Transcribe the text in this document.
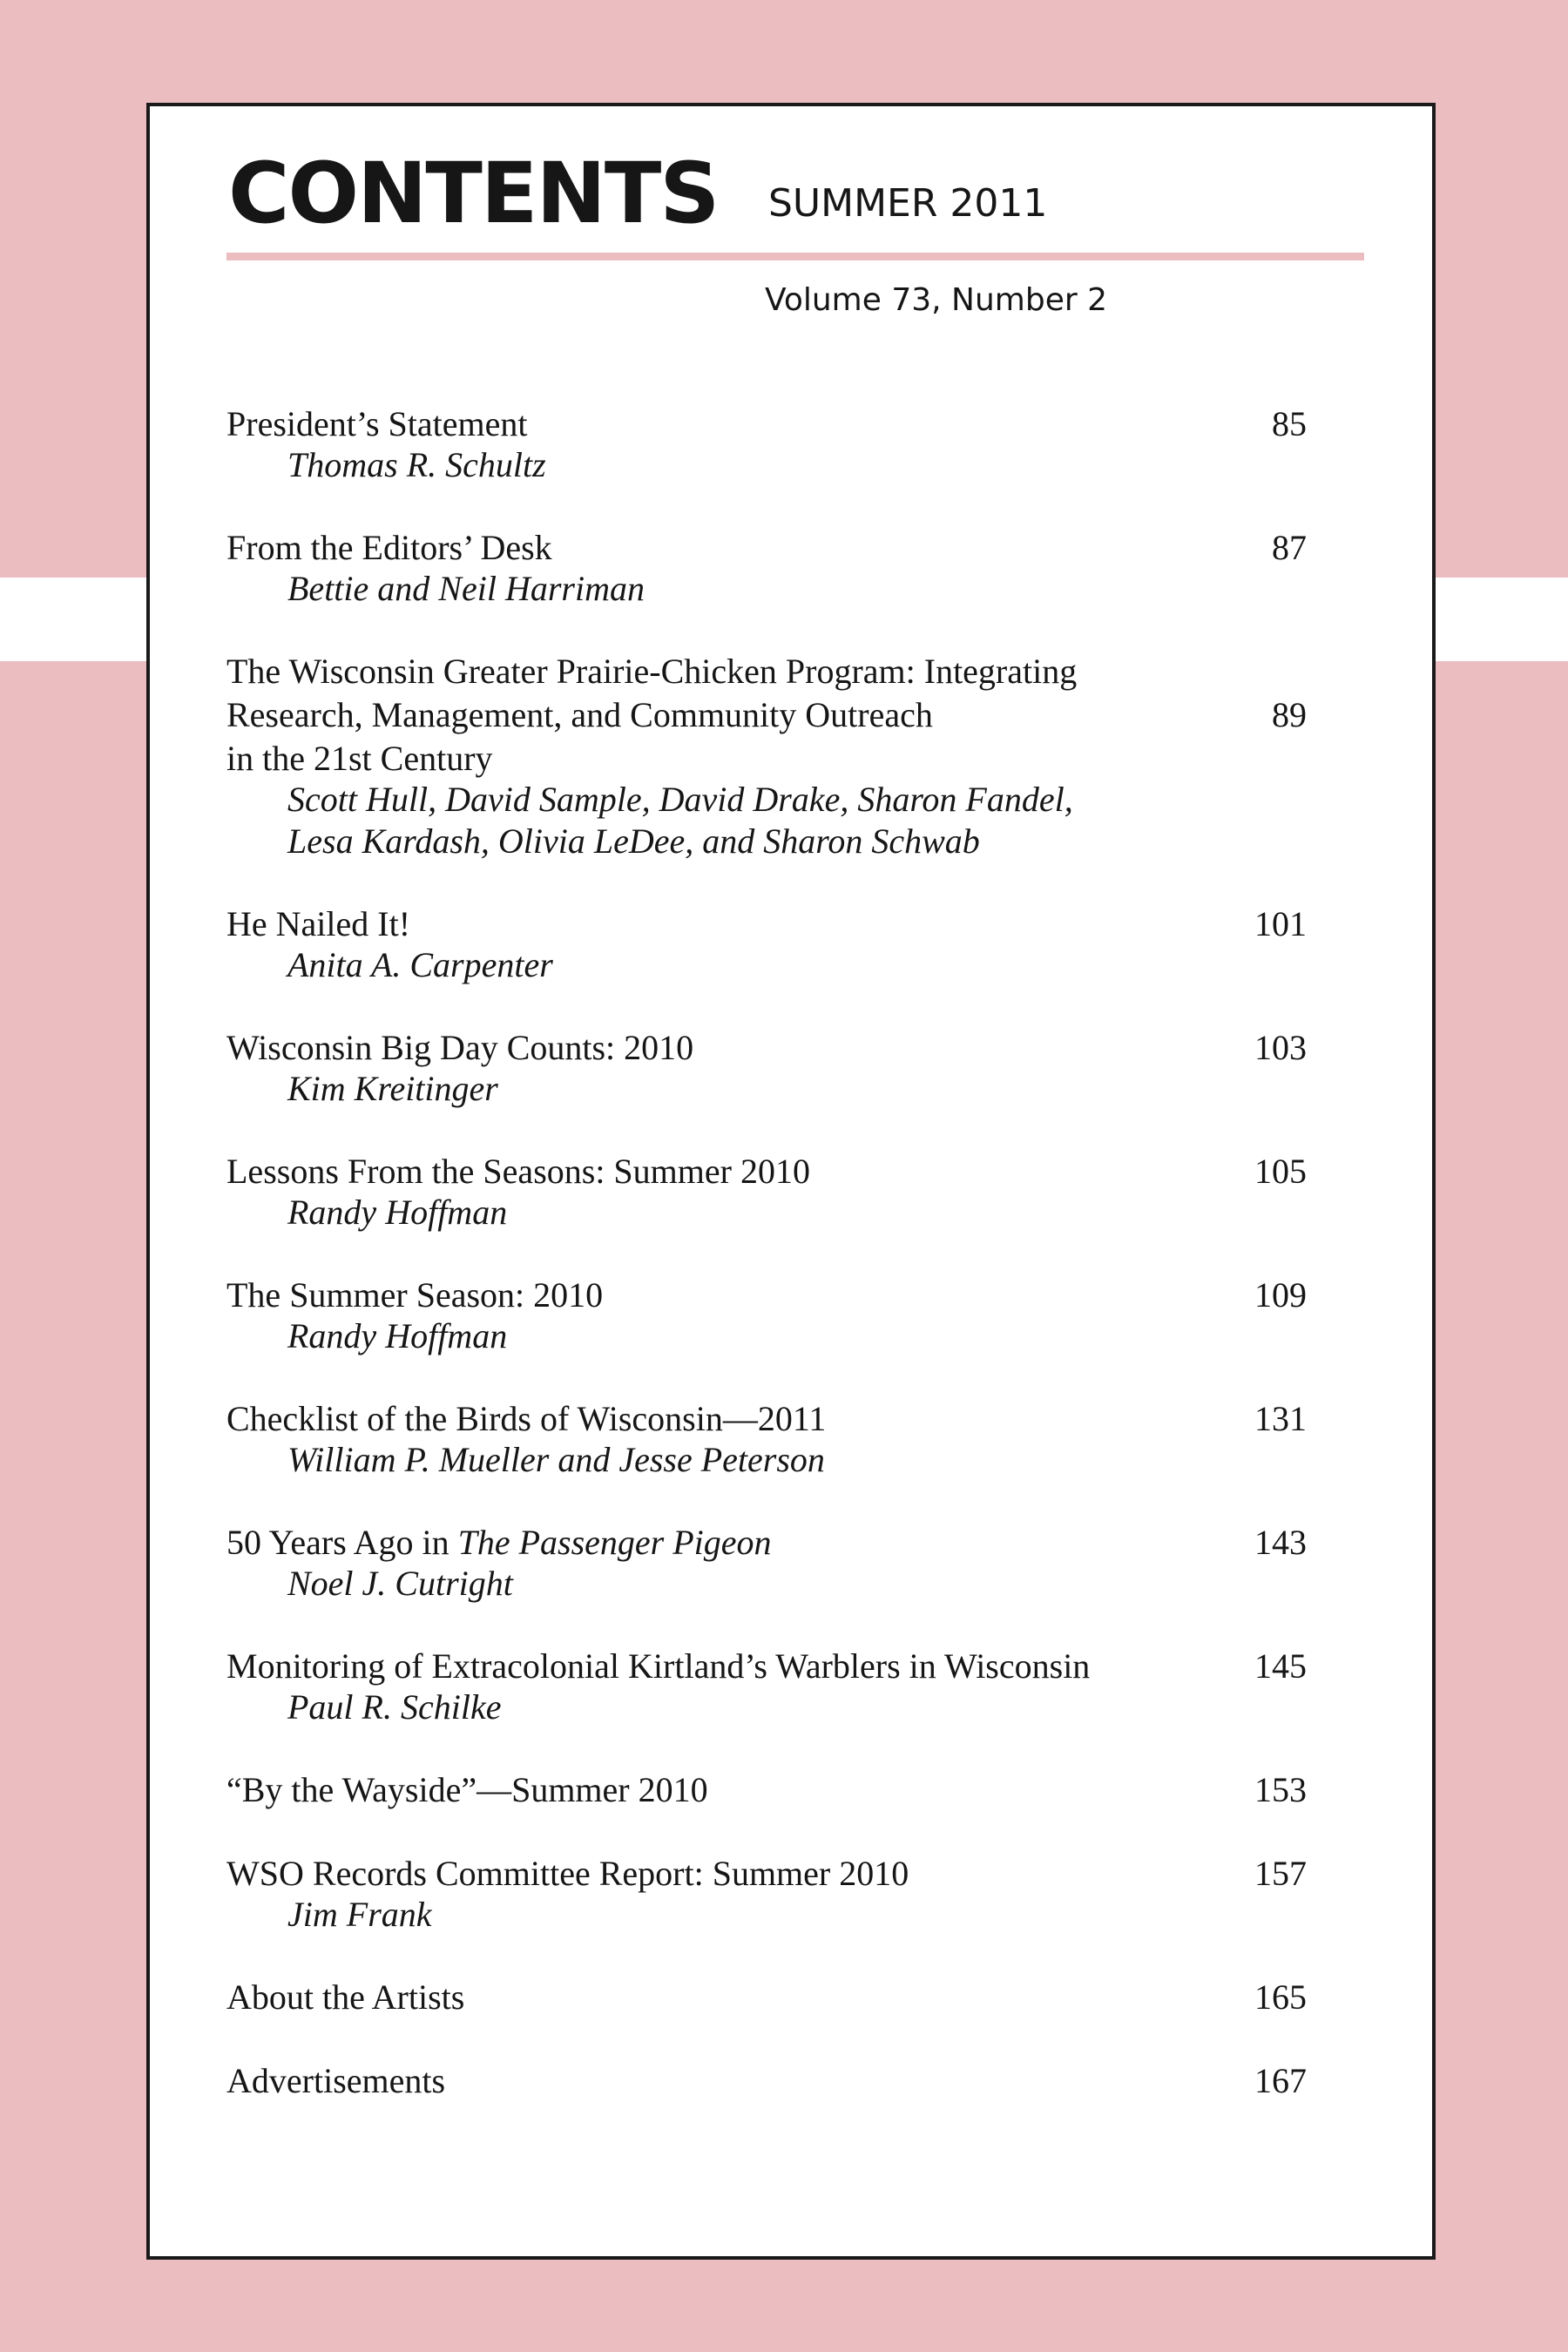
CONTENTS SUMMER 2011
Volume 73, Number 2
85
President’s Statement
Thomas R. Schultz
87
From the Editors’ Desk
Bettie and Neil Harriman
89
The Wisconsin Greater Prairie-Chicken Program: Integrating
Research, Management, and Community Outreach
in the 21st Century
Scott Hull, David Sample, David Drake, Sharon Fandel,
Lesa Kardash, Olivia LeDee, and Sharon Schwab
101
He Nailed It!
Anita A. Carpenter
103
Wisconsin Big Day Counts: 2010
Kim Kreitinger
105
Lessons From the Seasons: Summer 2010
Randy Hoffman
109
The Summer Season: 2010
Randy Hoffman
131
Checklist of the Birds of Wisconsin—2011
William P. Mueller and Jesse Peterson
143
50 Years Ago in The Passenger Pigeon
Noel J. Cutright
145
Monitoring of Extracolonial Kirtland’s Warblers in Wisconsin
Paul R. Schilke
153
“By the Wayside”—Summer 2010
157
WSO Records Committee Report: Summer 2010
Jim Frank
165
About the Artists
167
Advertisements
